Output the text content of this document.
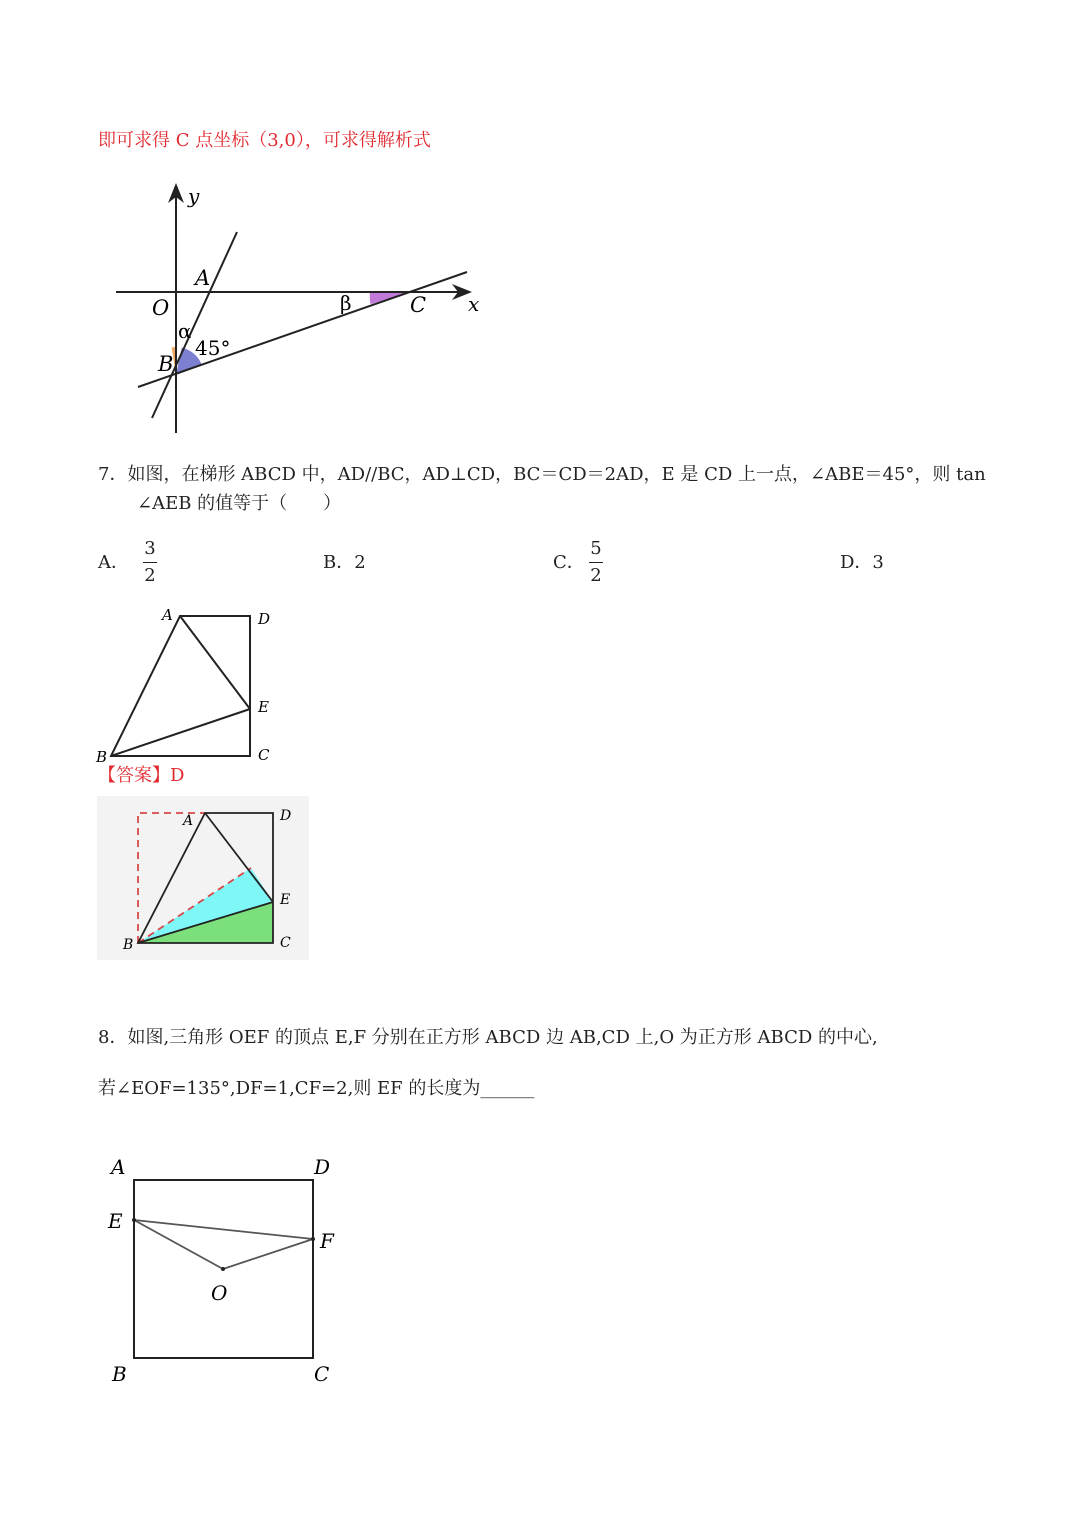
即可求得 C 点坐标（3,0），可求得解析式
y
x
O
A
B
C
α
β
45°
7．如图，在梯形 ABCD 中，AD//BC，AD⊥CD，BC＝CD＝2AD，E 是 CD 上一点，∠ABE＝45°，则 tan
∠AEB 的值等于（　　）
A．
3
2
B．2	C．
5
2
D．3
A	D
E
B	C
【答案】D
A	D
E
B	C
8．如图,三角形 OEF 的顶点 E,F 分别在正方形 ABCD 边 AB,CD 上,O 为正方形 ABCD 的中心,
若∠EOF=135°,DF=1,CF=2,则 EF 的长度为______
A	D
E
F
O
B	C
